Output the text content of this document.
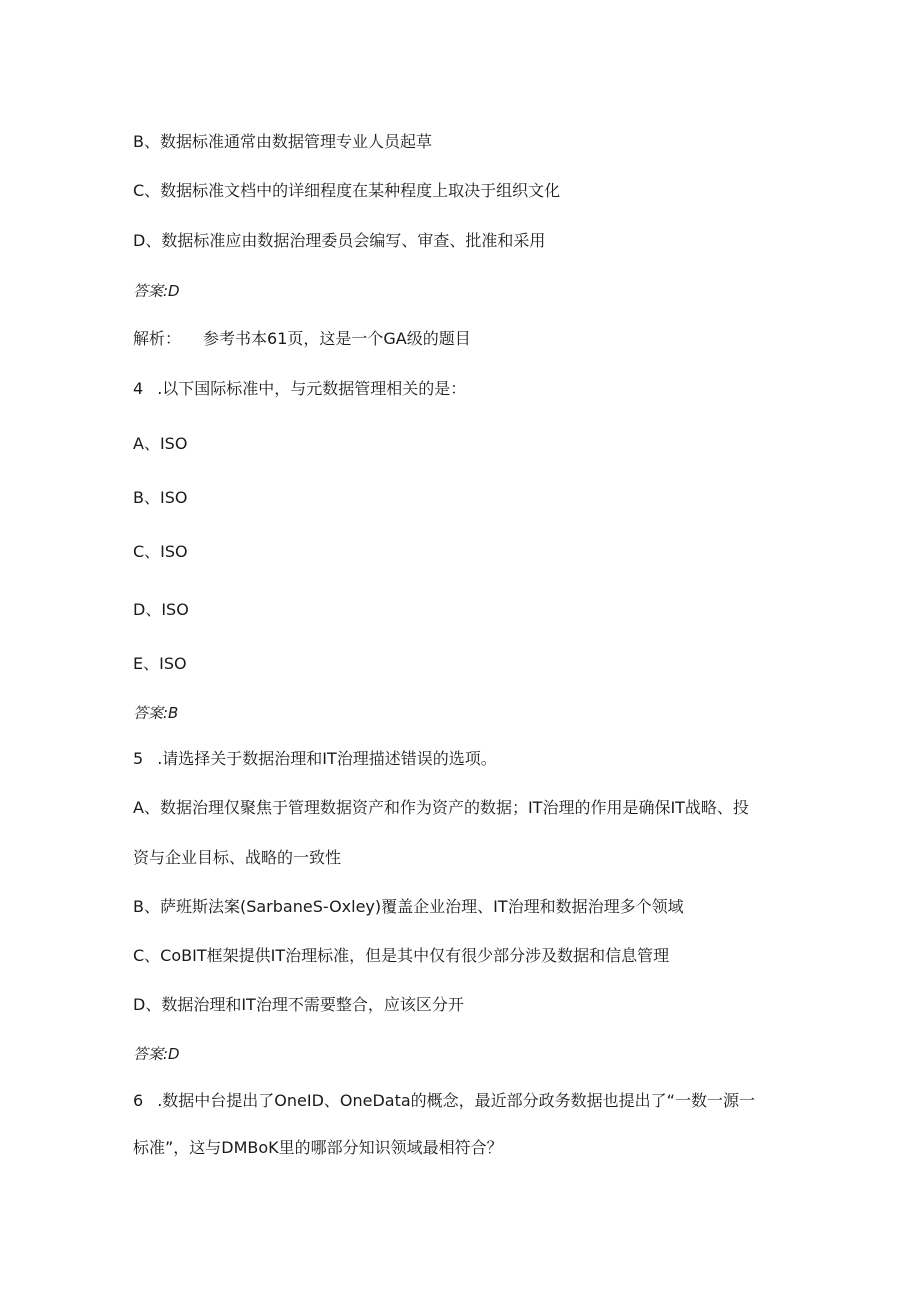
B、数据标准通常由数据管理专业人员起草
C、数据标准文档中的详细程度在某种程度上取决于组织文化
D、数据标准应由数据治理委员会编写、审查、批准和采用
答案:D
解析： 参考书本61页，这是一个GA级的题目
4 .以下国际标准中，与元数据管理相关的是：
A、ISO
B、ISO
C、ISO
D、ISO
E、ISO
答案:B
5 .请选择关于数据治理和IT治理描述错误的选项。
A、数据治理仅聚焦于管理数据资产和作为资产的数据；IT治理的作用是确保IT战略、投
资与企业目标、战略的一致性
B、萨班斯法案(SarbaneS-Oxley)覆盖企业治理、IT治理和数据治理多个领域
C、CoBIT框架提供IT治理标准，但是其中仅有很少部分涉及数据和信息管理
D、数据治理和IT治理不需要整合，应该区分开
答案:D
6 .数据中台提出了OneID、OneData的概念，最近部分政务数据也提出了“一数一源一
标准”，这与DMBoK里的哪部分知识领域最相符合？
